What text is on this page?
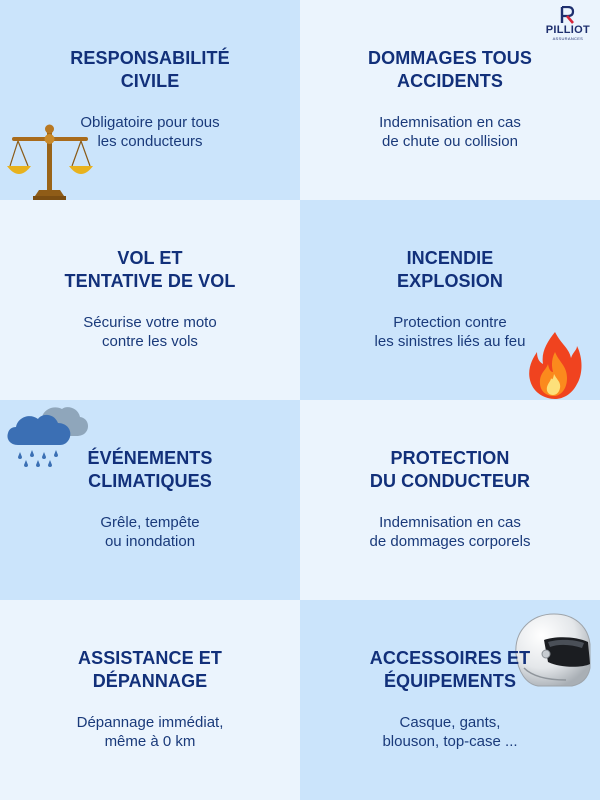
RESPONSABILITÉ
CIVILE
Obligatoire pour tous
les conducteurs
PILLIOT
ASSURANCES
DOMMAGES TOUS
ACCIDENTS
Indemnisation en cas
de chute ou collision
VOL ET
TENTATIVE DE VOL
Sécurise votre moto
contre les vols
INCENDIE
EXPLOSION
Protection contre
les sinistres liés au feu
ÉVÉNEMENTS
CLIMATIQUES
Grêle, tempête
ou inondation
PROTECTION
DU CONDUCTEUR
Indemnisation en cas
de dommages corporels
ASSISTANCE ET
DÉPANNAGE
Dépannage immédiat,
même à 0 km
ACCESSOIRES ET
ÉQUIPEMENTS
Casque, gants,
blouson, top-case ...
